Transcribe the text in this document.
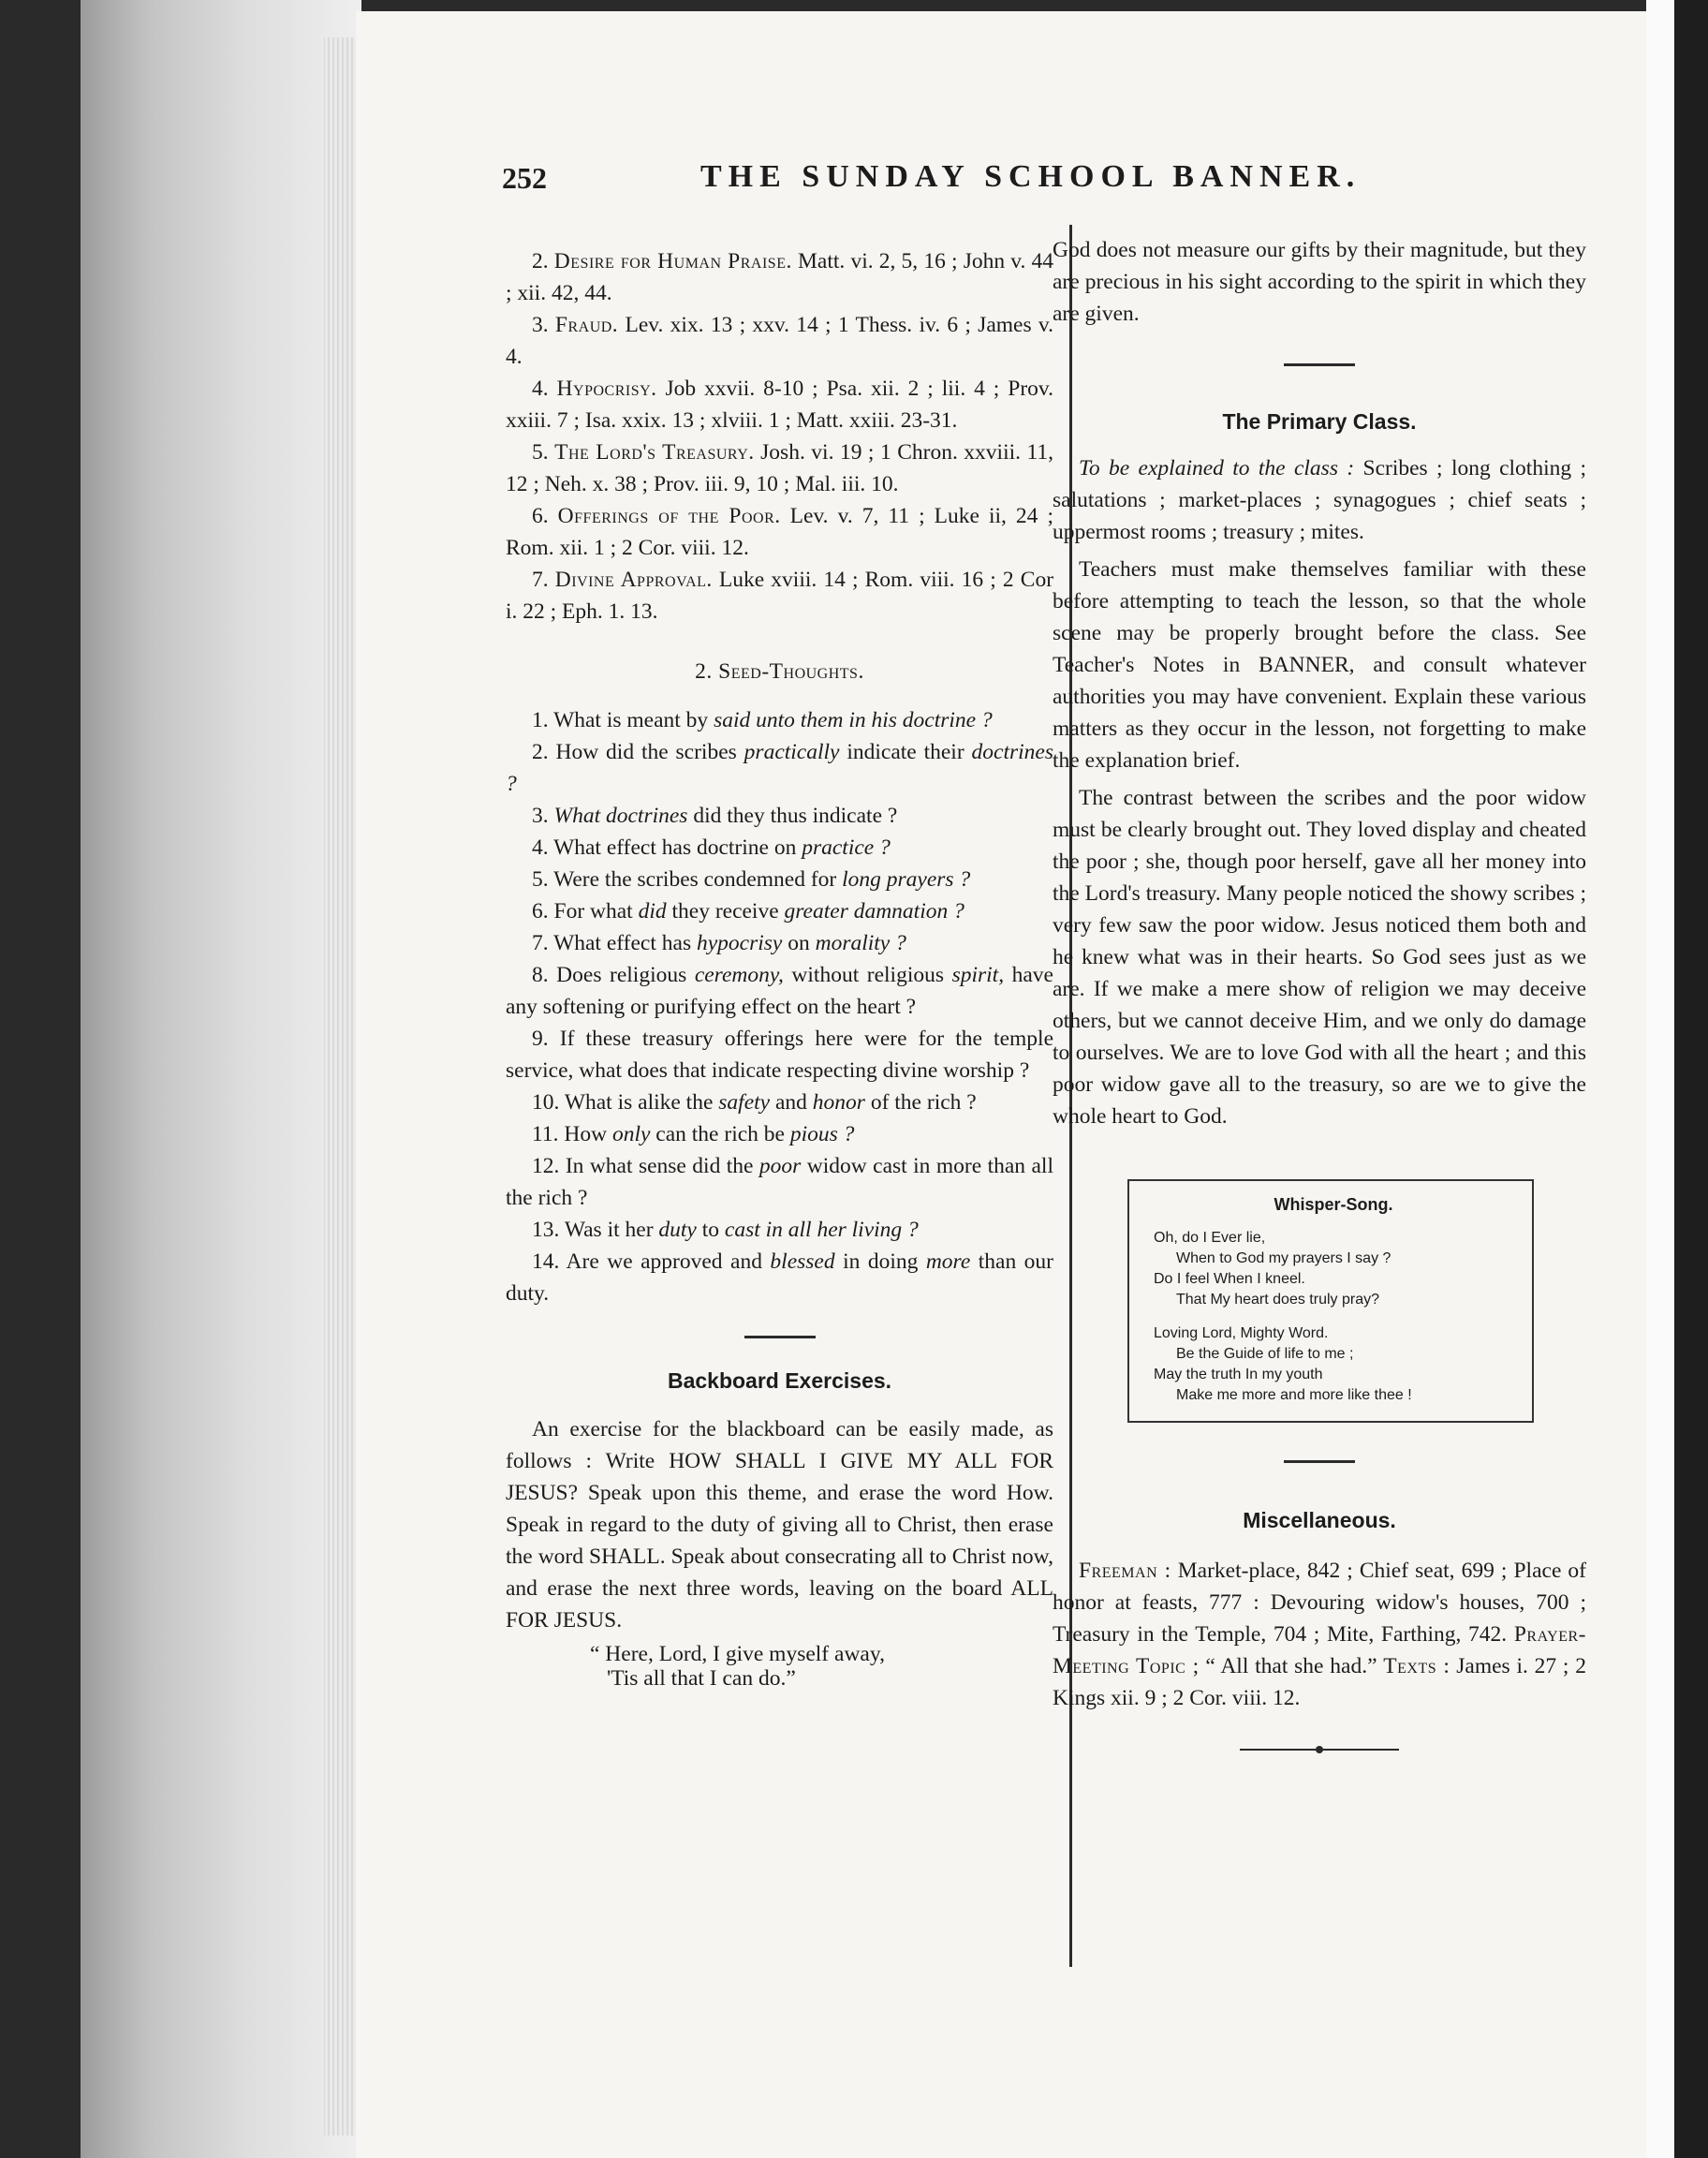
252	THE SUNDAY SCHOOL BANNER.

2. Desire for Human Praise. Matt. vi. 2, 5, 16 ; John v. 44 ; xii. 42, 44.

3. Fraud. Lev. xix. 13 ; xxv. 14 ; 1 Thess. iv. 6 ; James v. 4.

4. Hypocrisy. Job xxvii. 8-10 ; Psa. xii. 2 ; lii. 4 ; Prov. xxiii. 7 ; Isa. xxix. 13 ; xlviii. 1 ; Matt. xxiii. 23-31.

5. The Lord's Treasury. Josh. vi. 19 ; 1 Chron. xxviii. 11, 12 ; Neh. x. 38 ; Prov. iii. 9, 10 ; Mal. iii. 10.

6. Offerings of the Poor. Lev. v. 7, 11 ; Luke ii, 24 ; Rom. xii. 1 ; 2 Cor. viii. 12.

7. Divine Approval. Luke xviii. 14 ; Rom. viii. 16 ; 2 Cor i. 22 ; Eph. 1. 13.

2. Seed-Thoughts.

1. What is meant by said unto them in his doctrine ?

2. How did the scribes practically indicate their doctrines ?

3. What doctrines did they thus indicate ?

4. What effect has doctrine on practice ?

5. Were the scribes condemned for long prayers ?

6. For what did they receive greater damnation ?

7. What effect has hypocrisy on morality ?

8. Does religious ceremony, without religious spirit, have any softening or purifying effect on the heart ?

9. If these treasury offerings here were for the temple service, what does that indicate respecting divine worship ?

10. What is alike the safety and honor of the rich ?

11. How only can the rich be pious ?

12. In what sense did the poor widow cast in more than all the rich ?

13. Was it her duty to cast in all her living ?

14. Are we approved and blessed in doing more than our duty.

Backboard Exercises.

An exercise for the blackboard can be easily made, as follows : Write HOW SHALL I GIVE MY ALL FOR JESUS? Speak upon this theme, and erase the word How. Speak in regard to the duty of giving all to Christ, then erase the word SHALL. Speak about consecrating all to Christ now, and erase the next three words, leaving on the board ALL FOR JESUS.

“ Here, Lord, I give myself away,
'Tis all that I can do.”

God does not measure our gifts by their magnitude, but they are precious in his sight according to the spirit in which they are given.

The Primary Class.

To be explained to the class : Scribes ; long clothing ; salutations ; market-places ; synagogues ; chief seats ; uppermost rooms ; treasury ; mites.

Teachers must make themselves familiar with these before attempting to teach the lesson, so that the whole scene may be properly brought before the class. See Teacher's Notes in BANNER, and consult whatever authorities you may have convenient. Explain these various matters as they occur in the lesson, not forgetting to make the explanation brief.

The contrast between the scribes and the poor widow must be clearly brought out. They loved display and cheated the poor ; she, though poor herself, gave all her money into the Lord's treasury. Many people noticed the showy scribes ; very few saw the poor widow. Jesus noticed them both and he knew what was in their hearts. So God sees just as we are. If we make a mere show of religion we may deceive others, but we cannot deceive Him, and we only do damage to ourselves. We are to love God with all the heart ; and this poor widow gave all to the treasury, so are we to give the whole heart to God.

Whisper-Song.
Oh, do I Ever lie,
When to God my prayers I say ?
Do I feel When I kneel.
That My heart does truly pray?
Loving Lord, Mighty Word.
Be the Guide of life to me ;
May the truth In my youth
Make me more and more like thee !

Miscellaneous.

Freeman : Market-place, 842 ; Chief seat, 699 ; Place of honor at feasts, 777 : Devouring widow's houses, 700 ; Treasury in the Temple, 704 ; Mite, Farthing, 742. Prayer-Meeting Topic ; “ All that she had.” Texts : James i. 27 ; 2 Kings xii. 9 ; 2 Cor. viii. 12.
